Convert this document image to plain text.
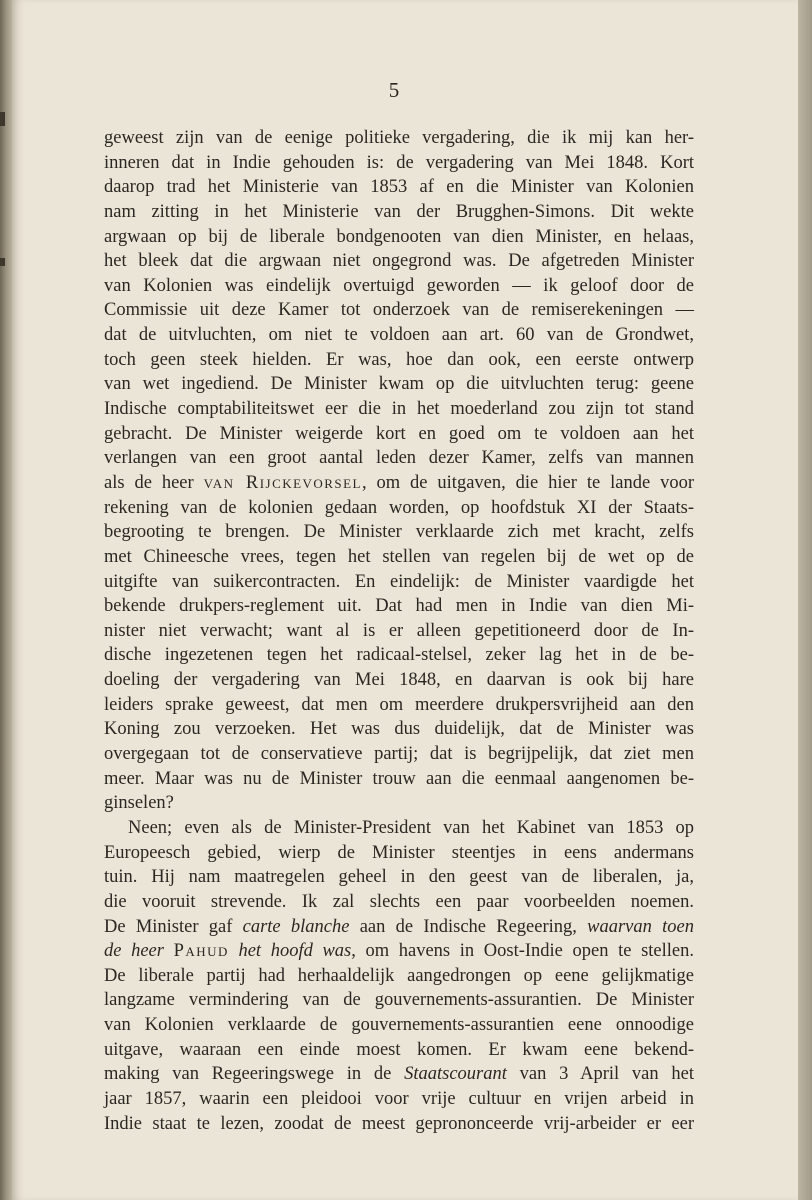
5
geweest zijn van de eenige politieke vergadering, die ik mij kan her-
inneren dat in Indie gehouden is: de vergadering van Mei 1848. Kort
daarop trad het Ministerie van 1853 af en die Minister van Kolonien
nam zitting in het Ministerie van der Brugghen-Simons. Dit wekte
argwaan op bij de liberale bondgenooten van dien Minister, en helaas,
het bleek dat die argwaan niet ongegrond was. De afgetreden Minister
van Kolonien was eindelijk overtuigd geworden — ik geloof door de
Commissie uit deze Kamer tot onderzoek van de remiserekeningen —
dat de uitvluchten, om niet te voldoen aan art. 60 van de Grondwet,
toch geen steek hielden. Er was, hoe dan ook, een eerste ontwerp
van wet ingediend. De Minister kwam op die uitvluchten terug: geene
Indische comptabiliteitswet eer die in het moederland zou zijn tot stand
gebracht. De Minister weigerde kort en goed om te voldoen aan het
verlangen van een groot aantal leden dezer Kamer, zelfs van mannen
als de heer van Rijckevorsel, om de uitgaven, die hier te lande voor
rekening van de kolonien gedaan worden, op hoofdstuk XI der Staats-
begrooting te brengen. De Minister verklaarde zich met kracht, zelfs
met Chineesche vrees, tegen het stellen van regelen bij de wet op de
uitgifte van suikercontracten. En eindelijk: de Minister vaardigde het
bekende drukpers-reglement uit. Dat had men in Indie van dien Mi-
nister niet verwacht; want al is er alleen gepetitioneerd door de In-
dische ingezetenen tegen het radicaal-stelsel, zeker lag het in de be-
doeling der vergadering van Mei 1848, en daarvan is ook bij hare
leiders sprake geweest, dat men om meerdere drukpersvrijheid aan den
Koning zou verzoeken. Het was dus duidelijk, dat de Minister was
overgegaan tot de conservatieve partij; dat is begrijpelijk, dat ziet men
meer. Maar was nu de Minister trouw aan die eenmaal aangenomen be-
ginselen?
Neen; even als de Minister-President van het Kabinet van 1853 op
Europeesch gebied, wierp de Minister steentjes in eens andermans
tuin. Hij nam maatregelen geheel in den geest van de liberalen, ja,
die vooruit strevende. Ik zal slechts een paar voorbeelden noemen.
De Minister gaf carte blanche aan de Indische Regeering, waarvan toen
de heer Pahud het hoofd was, om havens in Oost-Indie open te stellen.
De liberale partij had herhaaldelijk aangedrongen op eene gelijkmatige
langzame vermindering van de gouvernements-assurantien. De Minister
van Kolonien verklaarde de gouvernements-assurantien eene onnoodige
uitgave, waaraan een einde moest komen. Er kwam eene bekend-
making van Regeeringswege in de Staatscourant van 3 April van het
jaar 1857, waarin een pleidooi voor vrije cultuur en vrijen arbeid in
Indie staat te lezen, zoodat de meest geprononceerde vrij-arbeider er eer
